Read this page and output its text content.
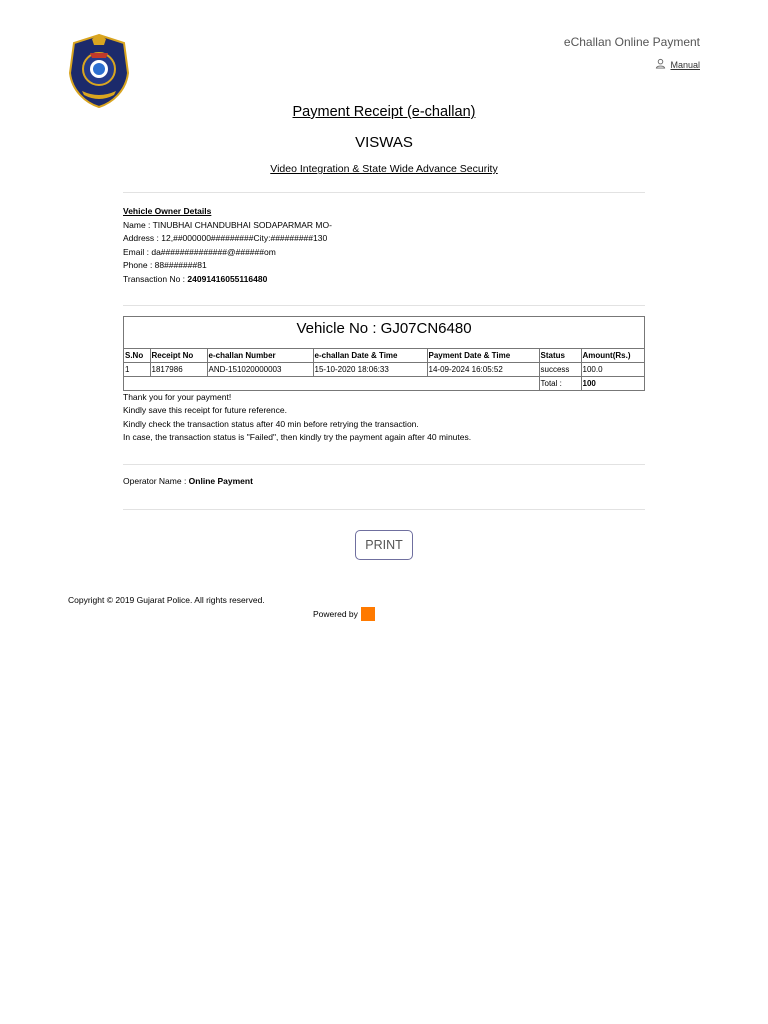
eChallan Online Payment
Manual
Payment Receipt (e-challan)
VISWAS
Video Integration & State Wide Advance Security
Vehicle Owner Details
Name : TINUBHAI CHANDUBHAI SODAPARMAR MO-
Address : 12,##000000#########City:#########130
Email : da##############@######om
Phone : 88#######81
Transaction No : 24091416055116480
Vehicle No : GJ07CN6480
S.No	Receipt No	e-challan Number	e-challan Date & Time	Payment Date & Time	Status	Amount(Rs.)
1	1817986	AND-151020000003	15-10-2020 18:06:33	14-09-2024 16:05:52	success	100.0
					Total :	100
Thank you for your payment!
Kindly save this receipt for future reference.
Kindly check the transaction status after 40 min before retrying the transaction.
In case, the transaction status is "Failed", then kindly try the payment again after 40 minutes.
Operator Name : Online Payment
PRINT
Copyright © 2019 Gujarat Police. All rights reserved.
Powered by
